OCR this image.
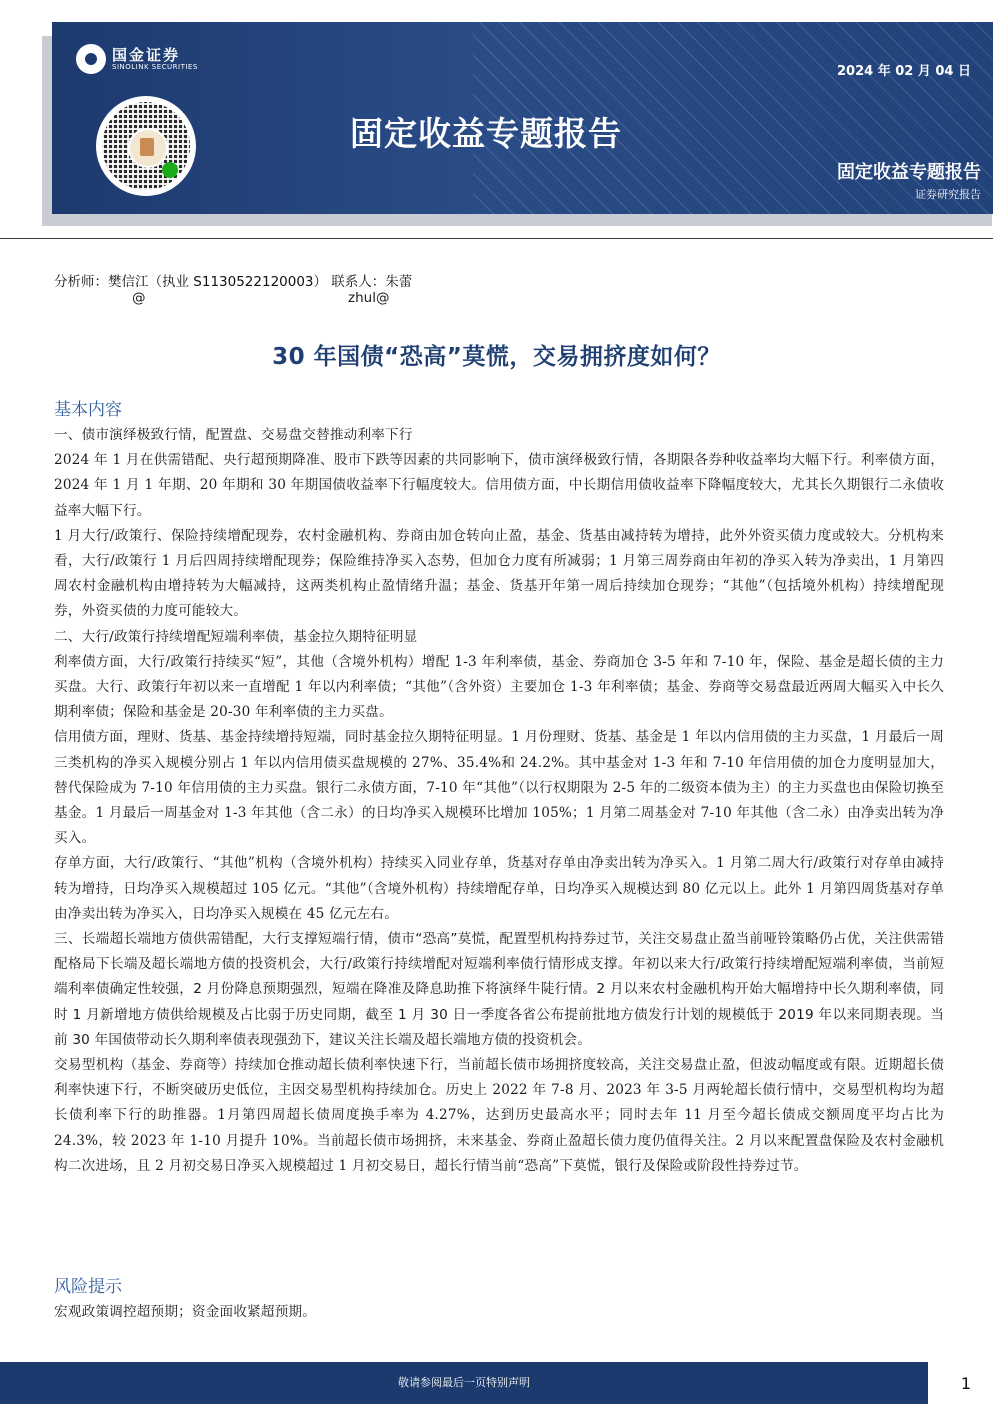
国金证券
SINOLINK SECURITIES	2024 年 02 月 04 日
固定收益专题报告
固定收益专题报告
证券研究报告
分析师：樊信江（执业 S1130522120003） 联系人：朱蕾
@	zhul@
30 年国债“恐高”莫慌，交易拥挤度如何？
基本内容

一、债市演绎极致行情，配置盘、交易盘交替推动利率下行

2024 年 1 月在供需错配、央行超预期降准、股市下跌等因素的共同影响下，债市演绎极致行情，各期限各券种收益率均大幅下行。利率债方面，2024 年 1 月 1 年期、20 年期和 30 年期国债收益率下行幅度较大。信用债方面，中长期信用债收益率下降幅度较大，尤其长久期银行二永债收益率大幅下行。

1 月大行/政策行、保险持续增配现券，农村金融机构、券商由加仓转向止盈，基金、货基由减持转为增持，此外外资买债力度或较大。分机构来看，大行/政策行 1 月后四周持续增配现券；保险维持净买入态势，但加仓力度有所减弱；1 月第三周券商由年初的净买入转为净卖出，1 月第四周农村金融机构由增持转为大幅减持，这两类机构止盈情绪升温；基金、货基开年第一周后持续加仓现券；“其他”（包括境外机构）持续增配现券，外资买债的力度可能较大。

二、大行/政策行持续增配短端利率债，基金拉久期特征明显

利率债方面，大行/政策行持续买“短”，其他（含境外机构）增配 1-3 年利率债，基金、券商加仓 3-5 年和 7-10 年，保险、基金是超长债的主力买盘。大行、政策行年初以来一直增配 1 年以内利率债；“其他”（含外资）主要加仓 1-3 年利率债；基金、券商等交易盘最近两周大幅买入中长久期利率债；保险和基金是 20-30 年利率债的主力买盘。

信用债方面，理财、货基、基金持续增持短端，同时基金拉久期特征明显。1 月份理财、货基、基金是 1 年以内信用债的主力买盘，1 月最后一周三类机构的净买入规模分别占 1 年以内信用债买盘规模的 27%、35.4%和 24.2%。其中基金对 1-3 年和 7-10 年信用债的加仓力度明显加大，替代保险成为 7-10 年信用债的主力买盘。银行二永债方面，7-10 年“其他”（以行权期限为 2-5 年的二级资本债为主）的主力买盘也由保险切换至基金。1 月最后一周基金对 1-3 年其他（含二永）的日均净买入规模环比增加 105%；1 月第二周基金对 7-10 年其他（含二永）由净卖出转为净买入。

存单方面，大行/政策行、“其他”机构（含境外机构）持续买入同业存单，货基对存单由净卖出转为净买入。1 月第二周大行/政策行对存单由减持转为增持，日均净买入规模超过 105 亿元。“其他”（含境外机构）持续增配存单，日均净买入规模达到 80 亿元以上。此外 1 月第四周货基对存单由净卖出转为净买入，日均净买入规模在 45 亿元左右。

三、长端超长端地方债供需错配，大行支撑短端行情，债市“恐高”莫慌，配置型机构持券过节，关注交易盘止盈当前哑铃策略仍占优，关注供需错配格局下长端及超长端地方债的投资机会，大行/政策行持续增配对短端利率债行情形成支撑。年初以来大行/政策行持续增配短端利率债，当前短端利率债确定性较强，2 月份降息预期强烈，短端在降准及降息助推下将演绎牛陡行情。2 月以来农村金融机构开始大幅增持中长久期利率债，同时 1 月新增地方债供给规模及占比弱于历史同期，截至 1 月 30 日一季度各省公布提前批地方债发行计划的规模低于 2019 年以来同期表现。当前 30 年国债带动长久期利率债表现强劲下，建议关注长端及超长端地方债的投资机会。

交易型机构（基金、券商等）持续加仓推动超长债利率快速下行，当前超长债市场拥挤度较高，关注交易盘止盈，但波动幅度或有限。近期超长债利率快速下行，不断突破历史低位，主因交易型机构持续加仓。历史上 2022 年 7-8 月、2023 年 3-5 月两轮超长债行情中，交易型机构均为超长债利率下行的助推器。1月第四周超长债周度换手率为 4.27%，达到历史最高水平；同时去年 11 月至今超长债成交额周度平均占比为 24.3%，较 2023 年 1-10 月提升 10%。当前超长债市场拥挤，未来基金、券商止盈超长债力度仍值得关注。2 月以来配置盘保险及农村金融机构二次进场，且 2 月初交易日净买入规模超过 1 月初交易日，超长行情当前“恐高”下莫慌，银行及保险或阶段性持券过节。

风险提示

宏观政策调控超预期；资金面收紧超预期。

敬请参阅最后一页特别声明	1
